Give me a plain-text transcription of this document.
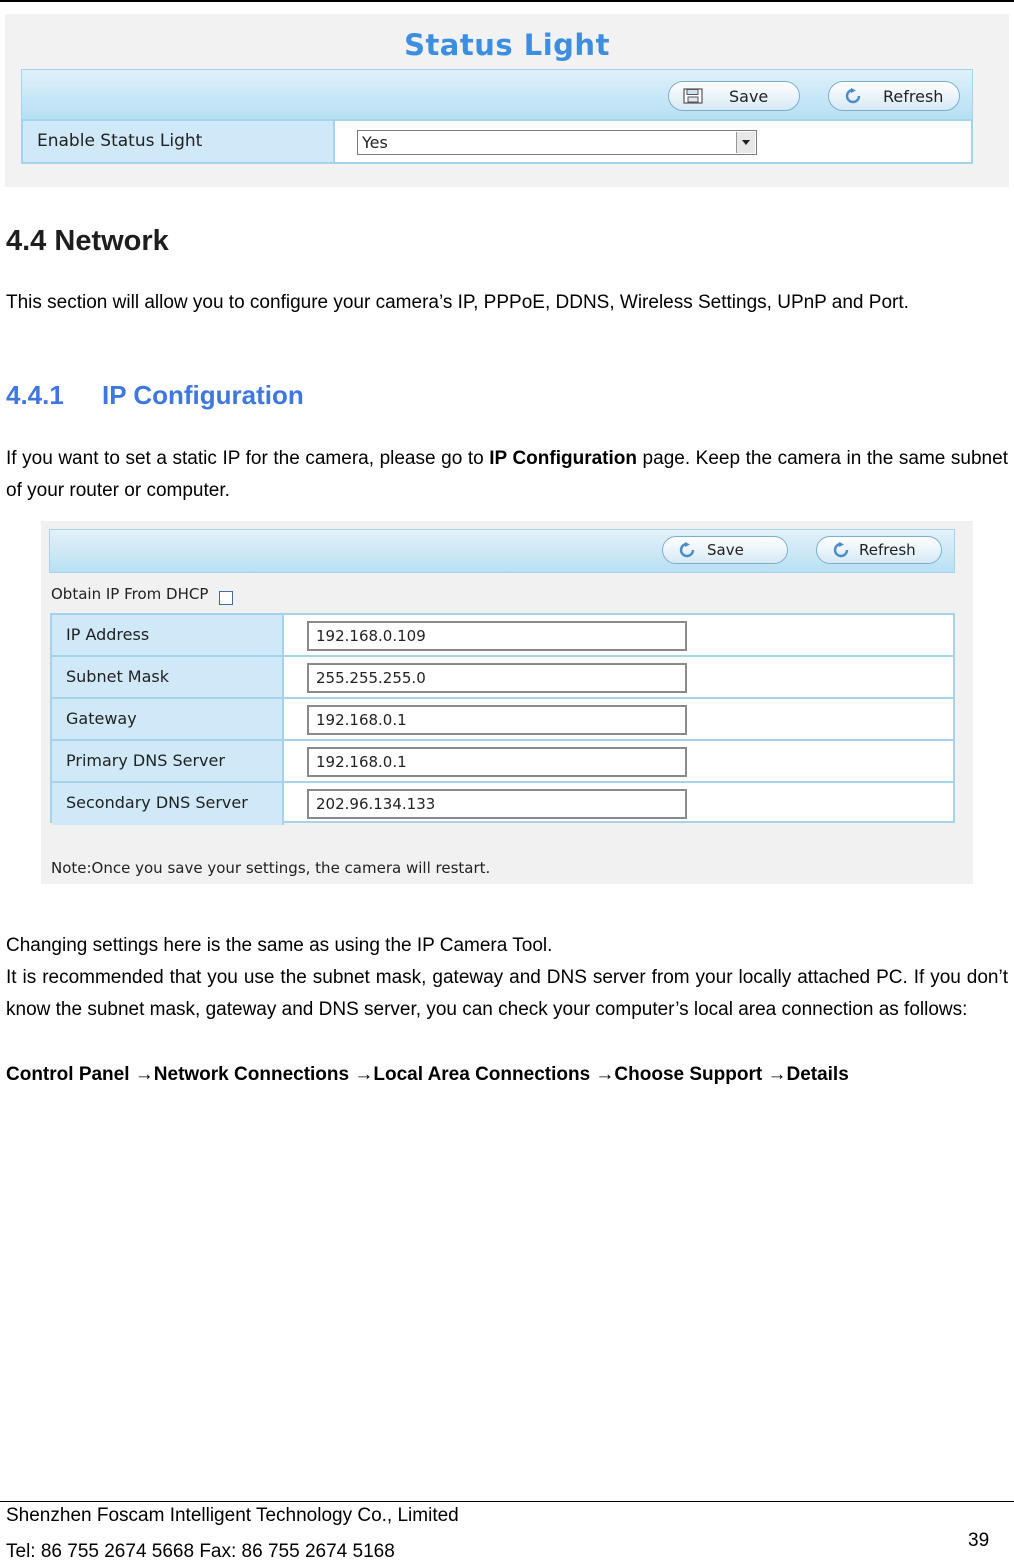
Status Light
Save	Refresh
Enable Status Light	Yes
4.4 Network

This section will allow you to configure your camera’s IP, PPPoE, DDNS, Wireless Settings, UPnP and Port.

4.4.1 IP Configuration

If you want to set a static IP for the camera, please go to IP Configuration page. Keep the camera in the same subnet of your router or computer.

Save	Refresh
Obtain IP From DHCP
IP Address	192.168.0.109
Subnet Mask	255.255.255.0
Gateway	192.168.0.1
Primary DNS Server	192.168.0.1
Secondary DNS Server	202.96.134.133
Note:Once you save your settings, the camera will restart.

Changing settings here is the same as using the IP Camera Tool.

It is recommended that you use the subnet mask, gateway and DNS server from your locally attached PC. If you don’t know the subnet mask, gateway and DNS server, you can check your computer’s local area connection as follows:

Control Panel →Network Connections →Local Area Connections →Choose Support →Details

Shenzhen Foscam Intelligent Technology Co., Limited

Tel: 86 755 2674 5668 Fax: 86 755 2674 5168

39
